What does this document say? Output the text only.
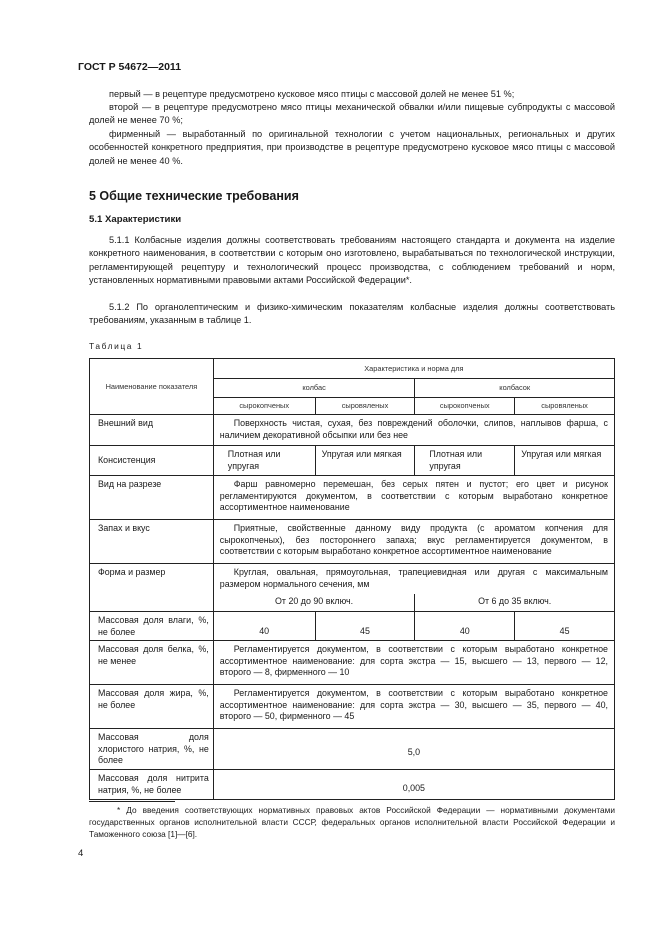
ГОСТ Р 54672—2011
первый — в рецептуре предусмотрено кусковое мясо птицы с массовой долей не менее 51 %;
второй — в рецептуре предусмотрено мясо птицы механической обвалки и/или пищевые субпродукты с массовой долей не менее 70 %;
фирменный — выработанный по оригинальной технологии с учетом национальных, региональных и других особенностей конкретного предприятия, при производстве в рецептуре предусмотрено кусковое мясо птицы с массовой долей не менее 40 %.
5 Общие технические требования
5.1 Характеристики
5.1.1 Колбасные изделия должны соответствовать требованиям настоящего стандарта и документа на изделие конкретного наименования, в соответствии с которым оно изготовлено, вырабатываться по технологической инструкции, регламентирующей рецептуру и технологический процесс производства, с соблюдением требований и норм, установленных нормативными правовыми актами Российской Федерации*.
5.1.2 По органолептическим и физико-химическим показателям колбасные изделия должны соответствовать требованиям, указанным в таблице 1.
Таблица 1
Наименование показателя	Характеристика и норма для			
	колбас		колбасок	
	сырокопченых	сыровяленых	сырокопченых	сыровяленых
Внешний вид	Поверхность чистая, сухая, без повреждений оболочки, слипов, наплывов фарша, с наличием декоративной обсыпки или без нее			
Консистенция	Плотная или упругая	Упругая или мягкая	Плотная или упругая	Упругая или мягкая
Вид на разрезе	Фарш равномерно перемешан, без серых пятен и пустот; его цвет и рисунок регламентируются документом, в соответствии с которым выработано конкретное ассортиментное наименование			
Запах и вкус	Приятные, свойственные данному виду продукта (с ароматом копчения для сырокопченых), без постороннего запаха; вкус регламентируется документом, в соответствии с которым выработано конкретное ассортиментное наименование			
Форма и размер	Круглая, овальная, прямоугольная, трапециевидная или другая с максимальным размером нормального сечения, мм			
	От 20 до 90 включ.		От 6 до 35 включ.	
Массовая доля влаги, %, не более	40	45	40	45
Массовая доля белка, %, не менее	Регламентируется документом, в соответствии с которым выработано конкретное ассортиментное наименование: для сорта экстра — 15, высшего — 13, первого — 12, второго — 8, фирменного — 10			
Массовая доля жира, %, не более	Регламентируется документом, в соответствии с которым выработано конкретное ассортиментное наименование: для сорта экстра — 30, высшего — 35, первого — 40, второго — 50, фирменного — 45			
Массовая доля хлористого натрия, %, не более	5,0			
Массовая доля нитрита натрия, %, не более	0,005			
* До введения соответствующих нормативных правовых актов Российской Федерации — нормативными документами государственных органов исполнительной власти СССР, федеральных органов исполнительной власти Российской Федерации и Таможенного союза [1]—[6].
4
